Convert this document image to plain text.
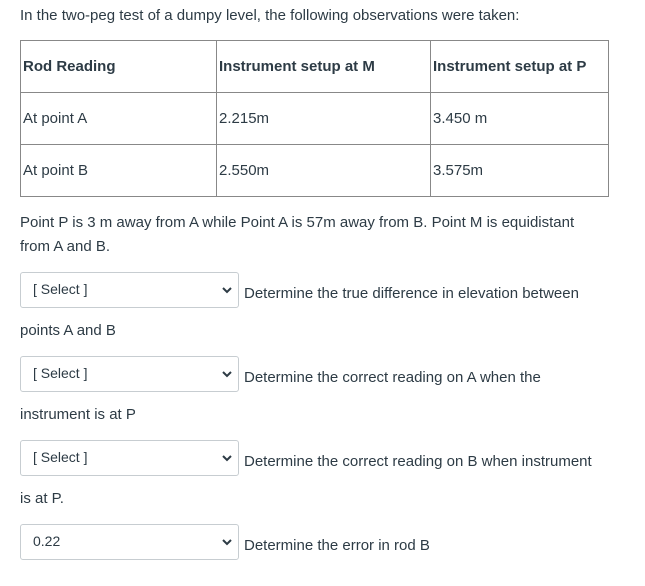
In the two-peg test of a dumpy level, the following observations were taken:
Rod Reading	Instrument setup at M	Instrument setup at P
At point A	2.215m	3.450 m
At point B	2.550m	3.575m
Point P is 3 m away from A while Point A is 57m away from B. Point M is equidistant
from A and B.
[ Select ]	Determine the true difference in elevation between
points A and B
[ Select ]	Determine the correct reading on A when the
instrument is at P
[ Select ]	Determine the correct reading on B when instrument
is at P.
0.22	Determine the error in rod B
